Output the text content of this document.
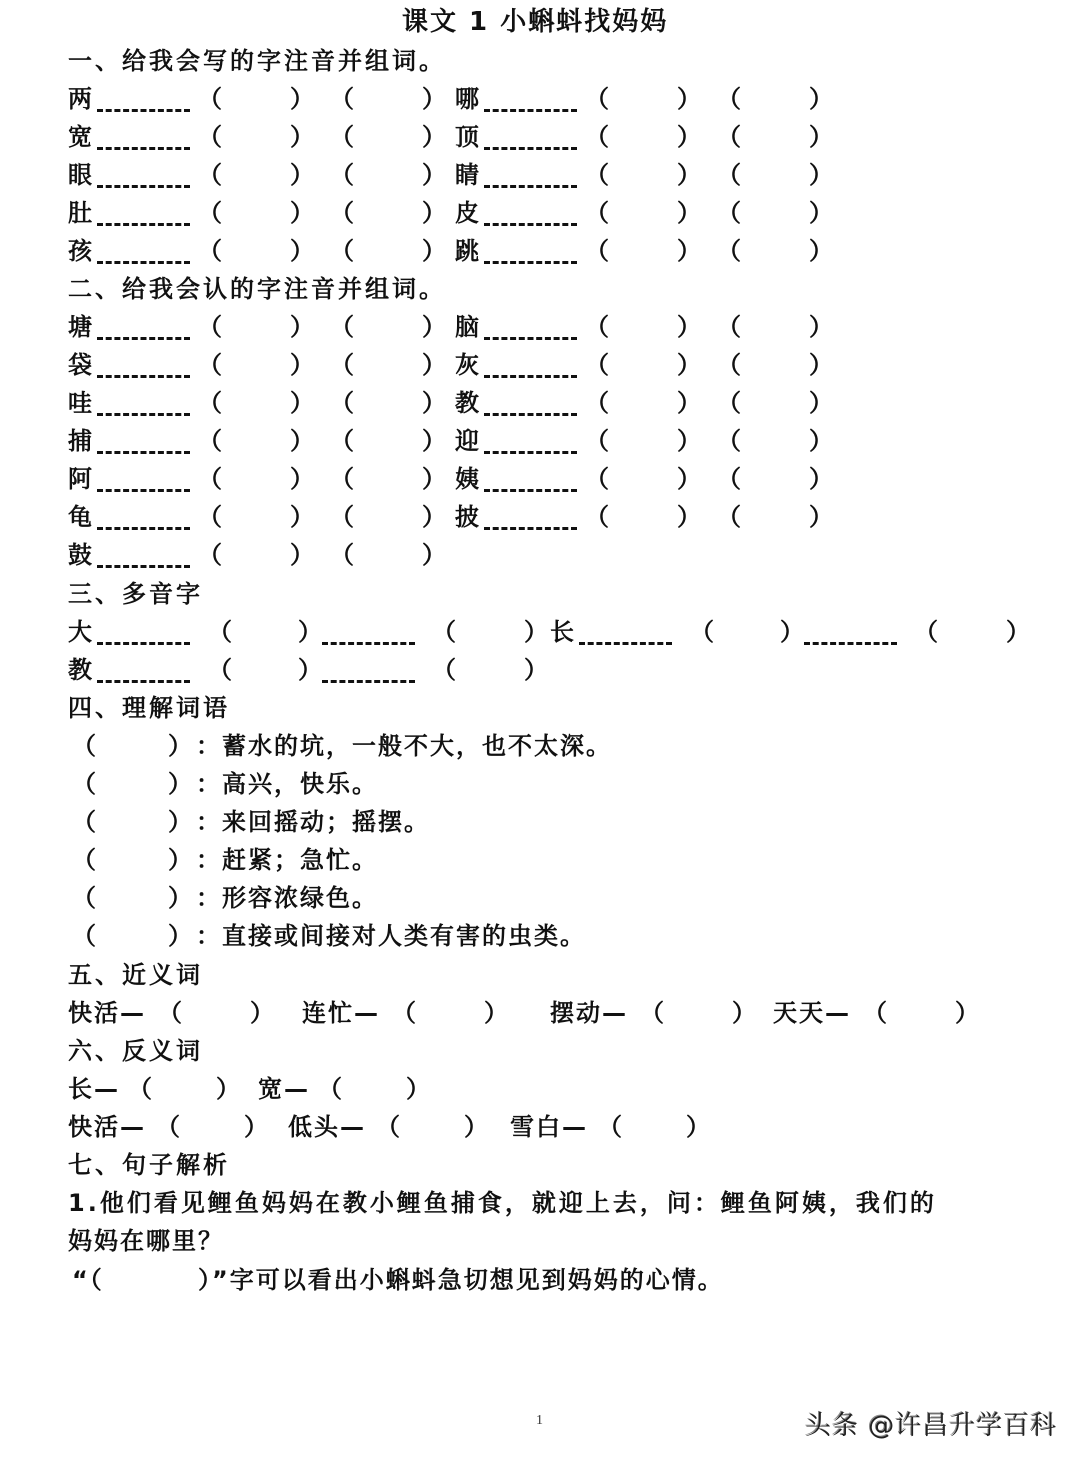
课文 1 小蝌蚪找妈妈
一、给我会写的字注音并组词。
两	（	） （	） 哪	（	） （	）
宽	（	） （	） 顶	（	） （	）
眼	（	） （	） 睛	（	） （	）
肚	（	） （	） 皮	（	） （	）
孩	（	） （	） 跳	（	） （	）
二、给我会认的字注音并组词。
塘	（	） （	） 脑	（	） （	）
袋	（	） （	） 灰	（	） （	）
哇	（	） （	） 教	（	） （	）
捕	（	） （	） 迎	（	） （	）
阿	（	） （	） 姨	（	） （	）
龟	（	） （	） 披	（	） （	）
鼓	（	） （	）
三、多音字
大	（	）	（	） 长	（	）	（	）
教	（	）	（	）
四、理解词语
（	） ：蓄水的坑，一般不大，也不太深。
（	） ：高兴，快乐。
（	） ：来回摇动；摇摆。
（	） ：赶紧；急忙。
（	） ：形容浓绿色。
（	） ：直接或间接对人类有害的虫类。
五、近义词
快活— （	） 连忙— （	） 摆动— （	） 天天— （	）
六、反义词
长— （	） 宽— （	）
快活— （	） 低头— （	） 雪白— （	）
七、句子解析
1.他们看见鲤鱼妈妈在教小鲤鱼捕食，就迎上去，问：鲤鱼阿姨，我们的
妈妈在哪里？
“（	）”字可以看出小蝌蚪急切想见到妈妈的心情。
1	头条 @许昌升学百科
